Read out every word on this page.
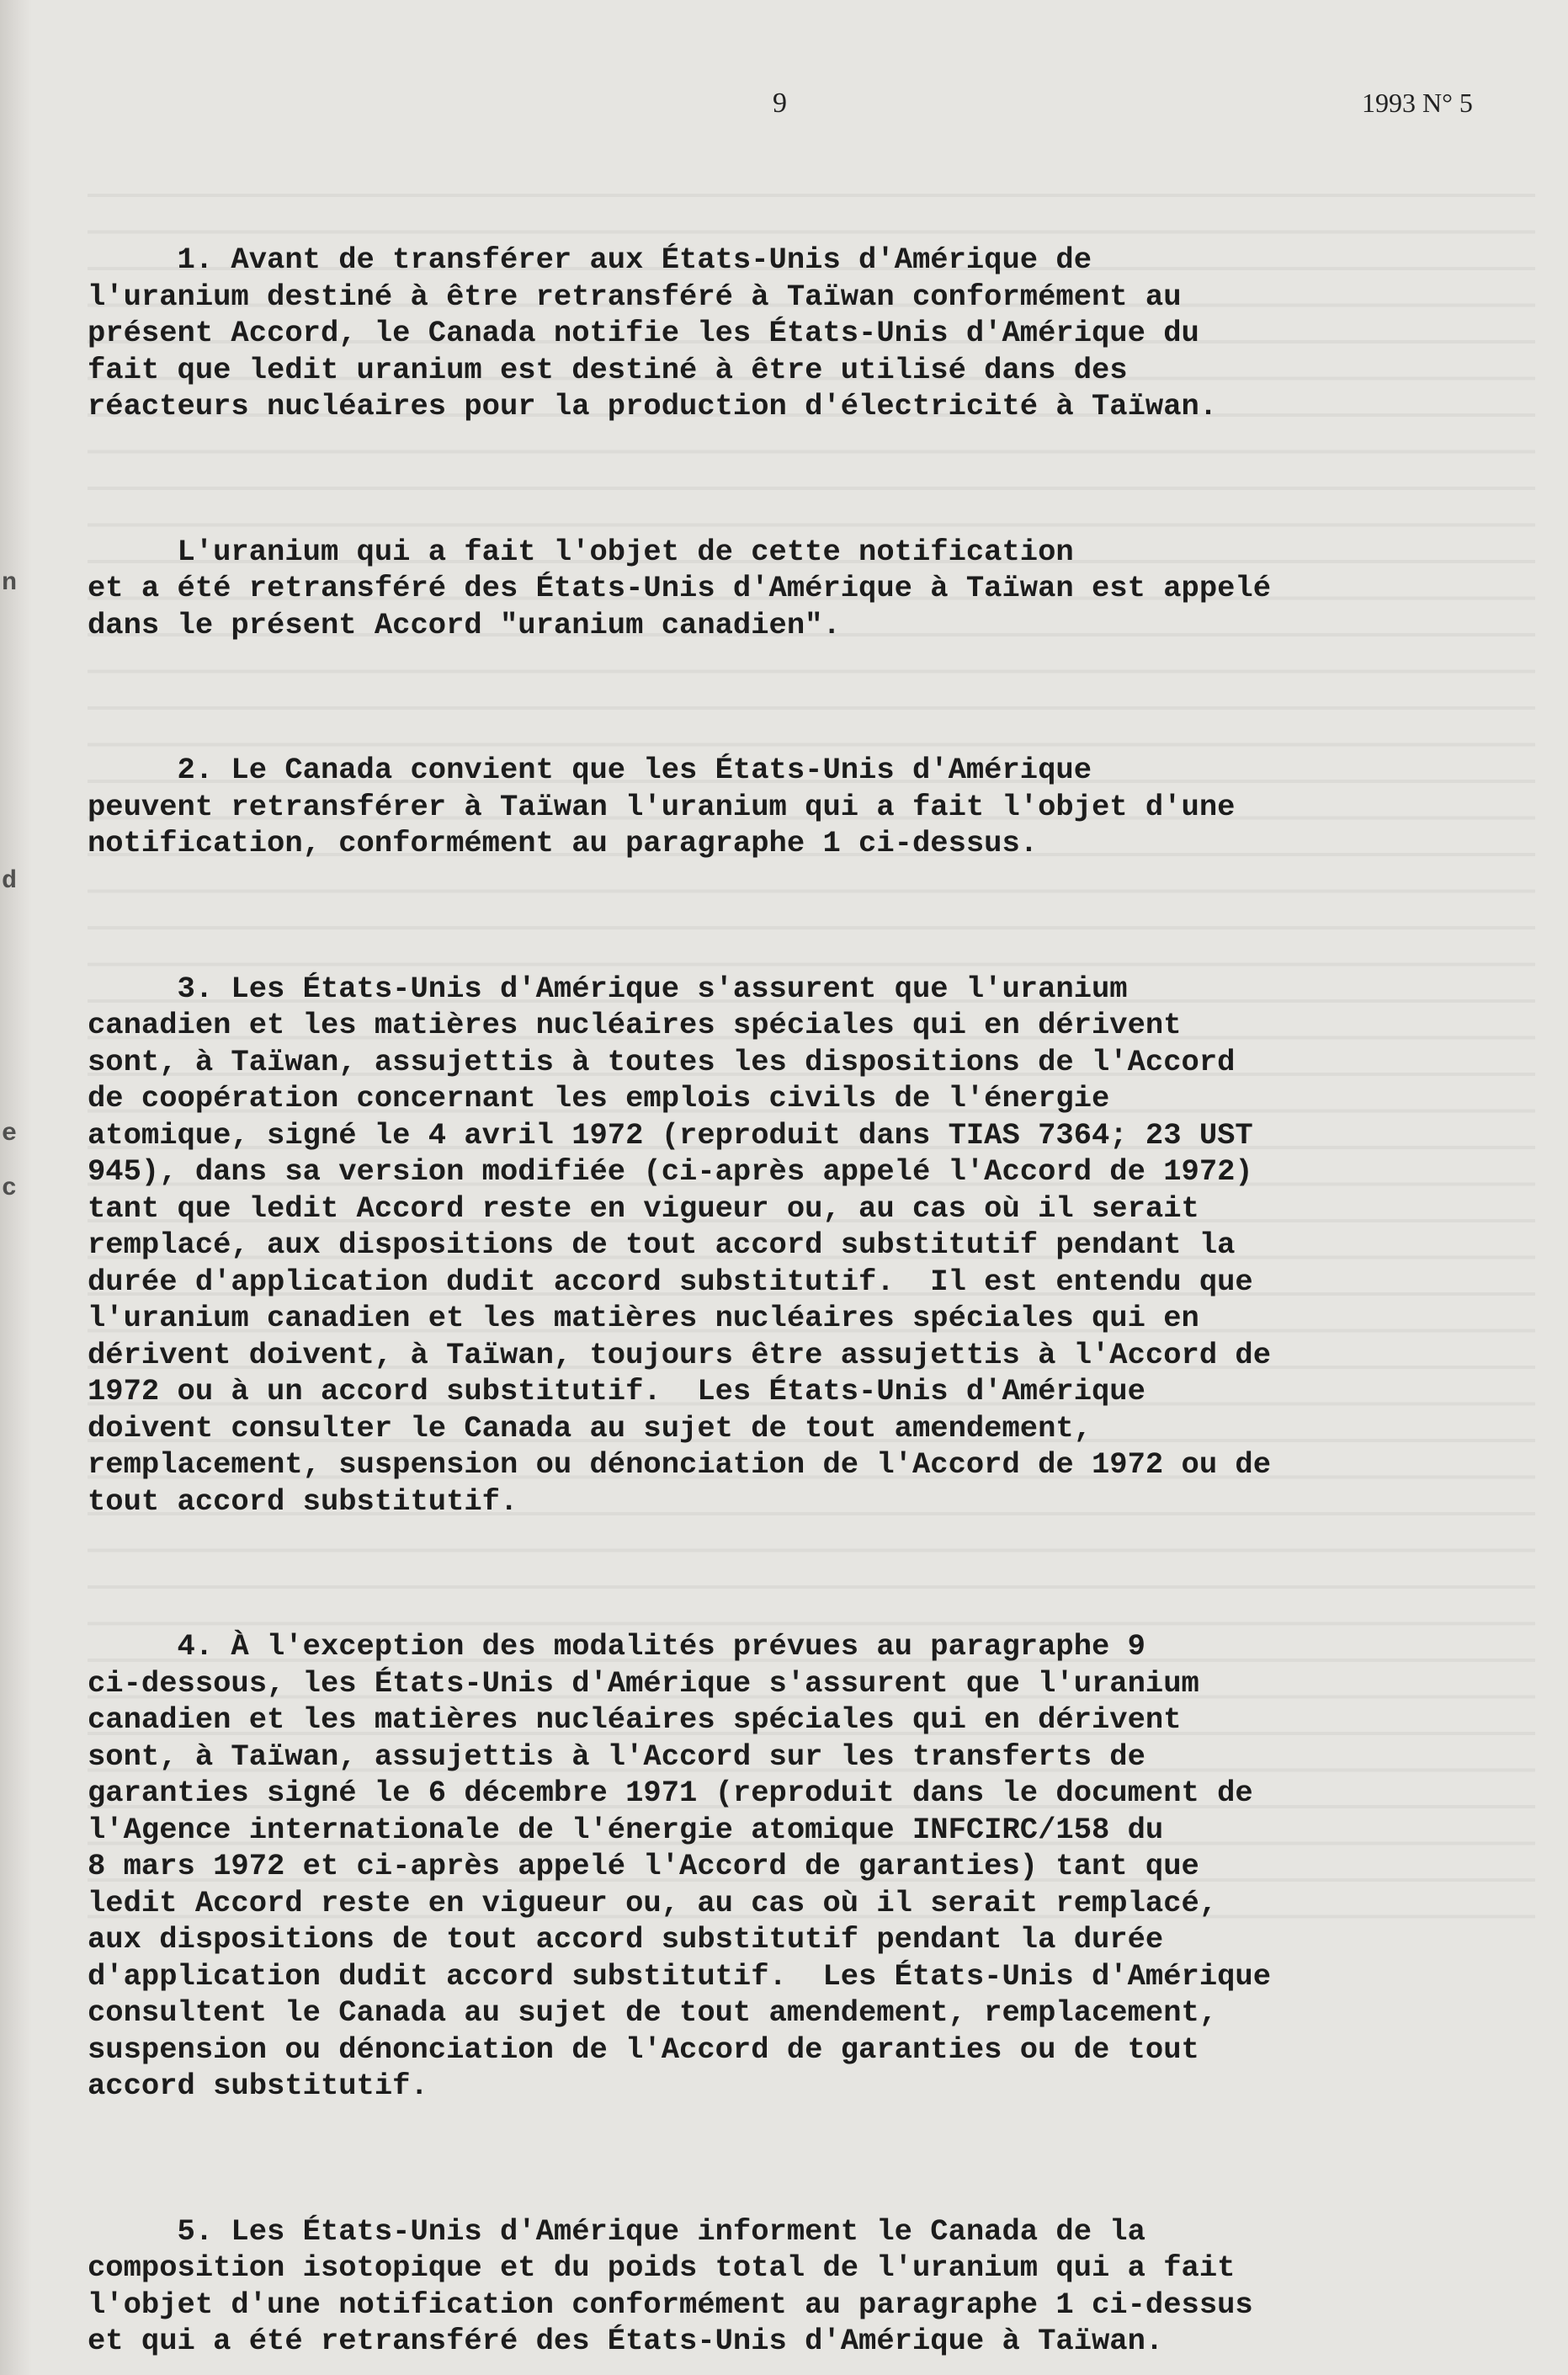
n
d
e
c
9	1993 N° 5

1. Avant de transférer aux États-Unis d'Amérique de
l'uranium destiné à être retransféré à Taïwan conformément au
présent Accord, le Canada notifie les États-Unis d'Amérique du
fait que ledit uranium est destiné à être utilisé dans des
réacteurs nucléaires pour la production d'électricité à Taïwan.

L'uranium qui a fait l'objet de cette notification
et a été retransféré des États-Unis d'Amérique à Taïwan est appelé
dans le présent Accord "uranium canadien".

2. Le Canada convient que les États-Unis d'Amérique
peuvent retransférer à Taïwan l'uranium qui a fait l'objet d'une
notification, conformément au paragraphe 1 ci-dessus.

3. Les États-Unis d'Amérique s'assurent que l'uranium
canadien et les matières nucléaires spéciales qui en dérivent
sont, à Taïwan, assujettis à toutes les dispositions de l'Accord
de coopération concernant les emplois civils de l'énergie
atomique, signé le 4 avril 1972 (reproduit dans TIAS 7364; 23 UST
945), dans sa version modifiée (ci-après appelé l'Accord de 1972)
tant que ledit Accord reste en vigueur ou, au cas où il serait
remplacé, aux dispositions de tout accord substitutif pendant la
durée d'application dudit accord substitutif.  Il est entendu que
l'uranium canadien et les matières nucléaires spéciales qui en
dérivent doivent, à Taïwan, toujours être assujettis à l'Accord de
1972 ou à un accord substitutif.  Les États-Unis d'Amérique
doivent consulter le Canada au sujet de tout amendement,
remplacement, suspension ou dénonciation de l'Accord de 1972 ou de
tout accord substitutif.

4. À l'exception des modalités prévues au paragraphe 9
ci-dessous, les États-Unis d'Amérique s'assurent que l'uranium
canadien et les matières nucléaires spéciales qui en dérivent
sont, à Taïwan, assujettis à l'Accord sur les transferts de
garanties signé le 6 décembre 1971 (reproduit dans le document de
l'Agence internationale de l'énergie atomique INFCIRC/158 du
8 mars 1972 et ci-après appelé l'Accord de garanties) tant que
ledit Accord reste en vigueur ou, au cas où il serait remplacé,
aux dispositions de tout accord substitutif pendant la durée
d'application dudit accord substitutif.  Les États-Unis d'Amérique
consultent le Canada au sujet de tout amendement, remplacement,
suspension ou dénonciation de l'Accord de garanties ou de tout
accord substitutif.

5. Les États-Unis d'Amérique informent le Canada de la
composition isotopique et du poids total de l'uranium qui a fait
l'objet d'une notification conformément au paragraphe 1 ci-dessus
et qui a été retransféré des États-Unis d'Amérique à Taïwan.
